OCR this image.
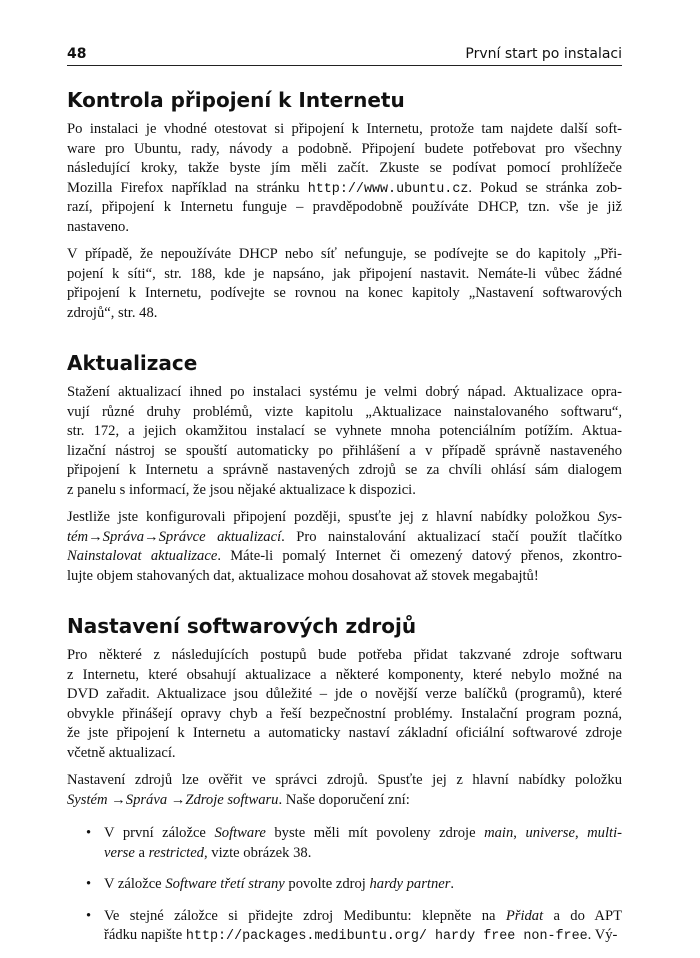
48	První start po instalaci
Kontrola připojení k Internetu
Po instalaci je vhodné otestovat si připojení k Internetu, protože tam najdete další soft-
ware pro Ubuntu, rady, návody a podobně. Připojení budete potřebovat pro všechny
následující kroky, takže byste jím měli začít. Zkuste se podívat pomocí prohlížeče
Mozilla Firefox například na stránku http://www.ubuntu.cz. Pokud se stránka zob-
razí, připojení k Internetu funguje – pravděpodobně používáte DHCP, tzn. vše je již
nastaveno.
V případě, že nepoužíváte DHCP nebo síť nefunguje, se podívejte se do kapitoly „Při-
pojení k síti“, str. 188, kde je napsáno, jak připojení nastavit. Nemáte-li vůbec žádné
připojení k Internetu, podívejte se rovnou na konec kapitoly „Nastavení softwarových
zdrojů“, str. 48.
Aktualizace
Stažení aktualizací ihned po instalaci systému je velmi dobrý nápad. Aktualizace opra-
vují různé druhy problémů, vizte kapitolu „Aktualizace nainstalovaného softwaru“,
str. 172, a jejich okamžitou instalací se vyhnete mnoha potenciálním potížím. Aktua-
lizační nástroj se spouští automaticky po přihlášení a v případě správně nastaveného
připojení k Internetu a správně nastavených zdrojů se za chvíli ohlásí sám dialogem
z panelu s informací, že jsou nějaké aktualizace k dispozici.
Jestliže jste konfigurovali připojení později, spusťte jej z hlavní nabídky položkou Sys-
tém→Správa→Správce aktualizací. Pro nainstalování aktualizací stačí použít tlačítko
Nainstalovat aktualizace. Máte-li pomalý Internet či omezený datový přenos, zkontro-
lujte objem stahovaných dat, aktualizace mohou dosahovat až stovek megabajtů!
Nastavení softwarových zdrojů
Pro některé z následujících postupů bude potřeba přidat takzvané zdroje softwaru
z Internetu, které obsahují aktualizace a některé komponenty, které nebylo možné na
DVD zařadit. Aktualizace jsou důležité – jde o novější verze balíčků (programů), které
obvykle přinášejí opravy chyb a řeší bezpečnostní problémy. Instalační program pozná,
že jste připojení k Internetu a automaticky nastaví základní oficiální softwarové zdroje
včetně aktualizací.
Nastavení zdrojů lze ověřit ve správci zdrojů. Spusťte jej z hlavní nabídky položku
Systém →Správa →Zdroje softwaru. Naše doporučení zní:
• V první záložce Software byste měli mít povoleny zdroje main, universe, multi-
verse a restricted, vizte obrázek 38.
• V záložce Software třetí strany povolte zdroj hardy partner.
• Ve stejné záložce si přidejte zdroj Medibuntu: klepněte na Přidat a do APT
řádku napište http://packages.medibuntu.org/ hardy free non-free. Vý-
